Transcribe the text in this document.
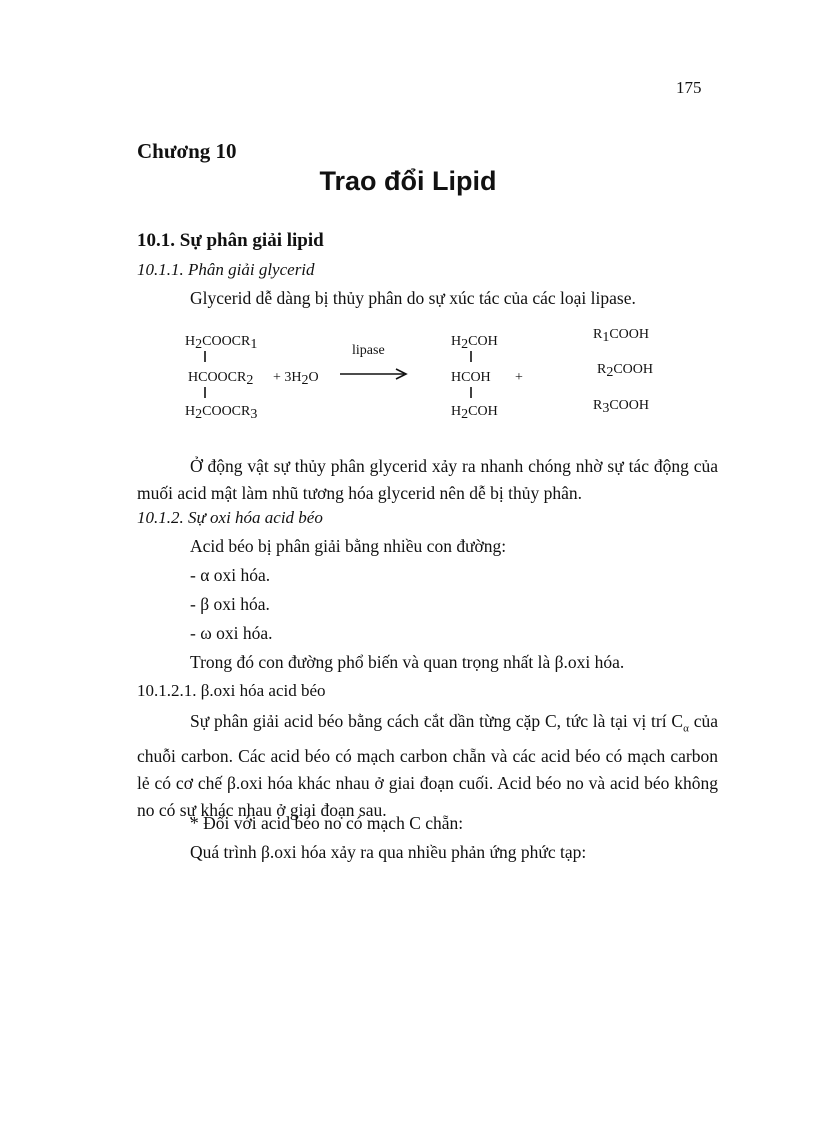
175
Chương 10
Trao đổi Lipid
10.1. Sự phân giải lipid
10.1.1. Phân giải glycerid
Glycerid dễ dàng bị thủy phân do sự xúc tác của các loại lipase.
H2COOCR1
HCOOCR2
H2COOCR3
+ 3H2O
lipase
H2COH
HCOH
H2COH
+
R1COOH
R2COOH
R3COOH

Ở động vật sự thủy phân glycerid xảy ra nhanh chóng nhờ sự tác động của muối acid mật làm nhũ tương hóa glycerid nên dễ bị thủy phân.

10.1.2. Sự oxi hóa acid béo
Acid béo bị phân giải bằng nhiều con đường:
- α oxi hóa.
- β oxi hóa.
- ω oxi hóa.
Trong đó con đường phổ biến và quan trọng nhất là β.oxi hóa.
10.1.2.1. β.oxi hóa acid béo

Sự phân giải acid béo bằng cách cắt dần từng cặp C, tức là tại vị trí $C_\alpha$ của chuỗi carbon. Các acid béo có mạch carbon chẵn và các acid béo có mạch carbon lẻ có cơ chế β.oxi hóa khác nhau ở giai đoạn cuối. Acid béo no và acid béo không no có sự khác nhau ở giai đoạn sau.

* Đối với acid béo no có mạch C chẵn:
Quá trình β.oxi hóa xảy ra qua nhiều phản ứng phức tạp:
